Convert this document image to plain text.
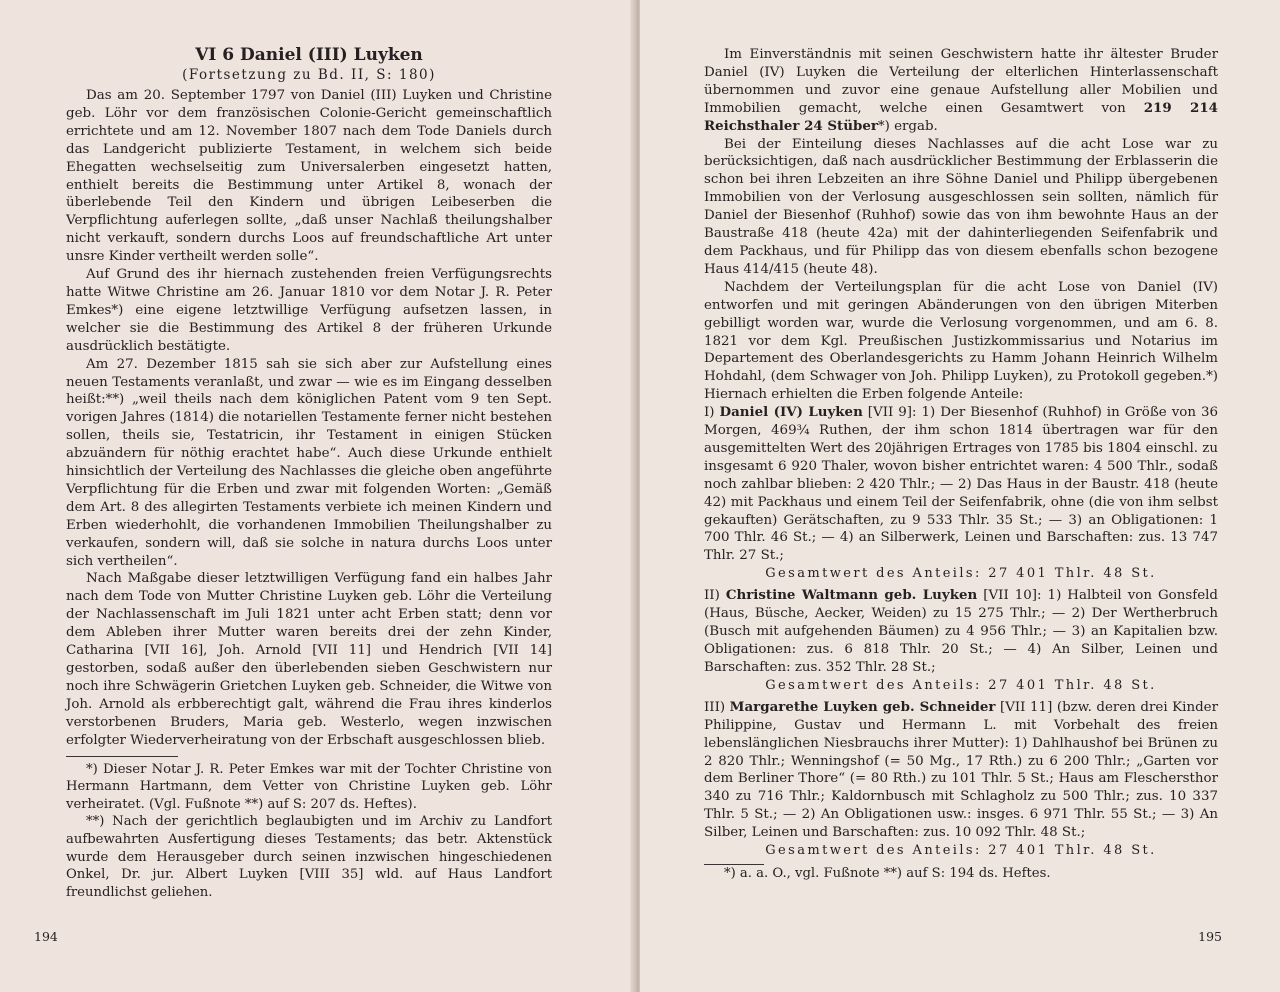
VI 6 Daniel (III) Luyken
(Fortsetzung zu Bd. II, S: 180)

Das am 20. September 1797 von Daniel (III) Luyken und Christine geb. Löhr vor dem französischen Colonie-Gericht gemeinschaftlich errichtete und am 12. November 1807 nach dem Tode Daniels durch das Landgericht publizierte Testament, in welchem sich beide Ehegatten wechselseitig zum Universalerben eingesetzt hatten, enthielt bereits die Bestimmung unter Artikel 8, wonach der überlebende Teil den Kindern und übrigen Leibeserben die Verpflichtung auferlegen sollte, „daß unser Nachlaß theilungshalber nicht verkauft, sondern durchs Loos auf freundschaftliche Art unter unsre Kinder vertheilt werden solle“.

Auf Grund des ihr hiernach zustehenden freien Verfügungsrechts hatte Witwe Christine am 26. Januar 1810 vor dem Notar J. R. Peter Emkes*) eine eigene letztwillige Verfügung aufsetzen lassen, in welcher sie die Bestimmung des Artikel 8 der früheren Urkunde ausdrücklich bestätigte.

Am 27. Dezember 1815 sah sie sich aber zur Aufstellung eines neuen Testaments veranlaßt, und zwar — wie es im Eingang desselben heißt:**) „weil theils nach dem königlichen Patent vom 9 ten Sept. vorigen Jahres (1814) die notariellen Testamente ferner nicht bestehen sollen, theils sie, Testatricin, ihr Testament in einigen Stücken abzuändern für nöthig erachtet habe“. Auch diese Urkunde enthielt hinsichtlich der Verteilung des Nachlasses die gleiche oben angeführte Verpflichtung für die Erben und zwar mit folgenden Worten: „Gemäß dem Art. 8 des allegirten Testaments verbiete ich meinen Kindern und Erben wiederhohlt, die vorhandenen Immobilien Theilungshalber zu verkaufen, sondern will, daß sie solche in natura durchs Loos unter sich vertheilen“.

Nach Maßgabe dieser letztwilligen Verfügung fand ein halbes Jahr nach dem Tode von Mutter Christine Luyken geb. Löhr die Verteilung der Nachlassenschaft im Juli 1821 unter acht Erben statt; denn vor dem Ableben ihrer Mutter waren bereits drei der zehn Kinder, Catharina [VII 16], Joh. Arnold [VII 11] und Hendrich [VII 14] gestorben, sodaß außer den überlebenden sieben Geschwistern nur noch ihre Schwägerin Grietchen Luyken geb. Schneider, die Witwe von Joh. Arnold als erbberechtigt galt, während die Frau ihres kinderlos verstorbenen Bruders, Maria geb. Westerlo, wegen inzwischen erfolgter Wiederverheiratung von der Erbschaft ausgeschlossen blieb.

*) Dieser Notar J. R. Peter Emkes war mit der Tochter Christine von Hermann Hartmann, dem Vetter von Christine Luyken geb. Löhr verheiratet. (Vgl. Fußnote **) auf S: 207 ds. Heftes).

**) Nach der gerichtlich beglaubigten und im Archiv zu Landfort aufbewahrten Ausfertigung dieses Testaments; das betr. Aktenstück wurde dem Herausgeber durch seinen inzwischen hingeschiedenen Onkel, Dr. jur. Albert Luyken [VIII 35] wld. auf Haus Landfort freundlichst geliehen.

194

Im Einverständnis mit seinen Geschwistern hatte ihr ältester Bruder Daniel (IV) Luyken die Verteilung der elterlichen Hinterlassenschaft übernommen und zuvor eine genaue Aufstellung aller Mobilien und Immobilien gemacht, welche einen Gesamtwert von 219 214 Reichsthaler 24 Stüber*) ergab.

Bei der Einteilung dieses Nachlasses auf die acht Lose war zu berücksichtigen, daß nach ausdrücklicher Bestimmung der Erblasserin die schon bei ihren Lebzeiten an ihre Söhne Daniel und Philipp übergebenen Immobilien von der Verlosung ausgeschlossen sein sollten, nämlich für Daniel der Biesenhof (Ruhhof) sowie das von ihm bewohnte Haus an der Baustraße 418 (heute 42a) mit der dahinterliegenden Seifenfabrik und dem Packhaus, und für Philipp das von diesem ebenfalls schon bezogene Haus 414/415 (heute 48).

Nachdem der Verteilungsplan für die acht Lose von Daniel (IV) entworfen und mit geringen Abänderungen von den übrigen Miterben gebilligt worden war, wurde die Verlosung vorgenommen, und am 6. 8. 1821 vor dem Kgl. Preußischen Justizkommissarius und Notarius im Departement des Oberlandesgerichts zu Hamm Johann Heinrich Wilhelm Hohdahl, (dem Schwager von Joh. Philipp Luyken), zu Protokoll gegeben.*) Hiernach erhielten die Erben folgende Anteile:

I) Daniel (IV) Luyken [VII 9]: 1) Der Biesenhof (Ruhhof) in Größe von 36 Morgen, 469¾ Ruthen, der ihm schon 1814 übertragen war für den ausgemittelten Wert des 20jährigen Ertrages von 1785 bis 1804 einschl. zu insgesamt 6 920 Thaler, wovon bisher entrichtet waren: 4 500 Thlr., sodaß noch zahlbar blieben: 2 420 Thlr.; — 2) Das Haus in der Baustr. 418 (heute 42) mit Packhaus und einem Teil der Seifenfabrik, ohne (die von ihm selbst gekauften) Gerätschaften, zu 9 533 Thlr. 35 St.; — 3) an Obligationen: 1 700 Thlr. 46 St.; — 4) an Silberwerk, Leinen und Barschaften: zus. 13 747 Thlr. 27 St.;

Gesamtwert des Anteils: 27 401 Thlr. 48 St.

II) Christine Waltmann geb. Luyken [VII 10]: 1) Halbteil von Gonsfeld (Haus, Büsche, Aecker, Weiden) zu 15 275 Thlr.; — 2) Der Wertherbruch (Busch mit aufgehenden Bäumen) zu 4 956 Thlr.; — 3) an Kapitalien bzw. Obligationen: zus. 6 818 Thlr. 20 St.; — 4) An Silber, Leinen und Barschaften: zus. 352 Thlr. 28 St.;

Gesamtwert des Anteils: 27 401 Thlr. 48 St.

III) Margarethe Luyken geb. Schneider [VII 11] (bzw. deren drei Kinder Philippine, Gustav und Hermann L. mit Vorbehalt des freien lebenslänglichen Niesbrauchs ihrer Mutter): 1) Dahlhaushof bei Brünen zu 2 820 Thlr.; Wenningshof (= 50 Mg., 17 Rth.) zu 6 200 Thlr.; „Garten vor dem Berliner Thore“ (= 80 Rth.) zu 101 Thlr. 5 St.; Haus am Fleschersthor 340 zu 716 Thlr.; Kaldornbusch mit Schlagholz zu 500 Thlr.; zus. 10 337 Thlr. 5 St.; — 2) An Obligationen usw.: insges. 6 971 Thlr. 55 St.; — 3) An Silber, Leinen und Barschaften: zus. 10 092 Thlr. 48 St.;

Gesamtwert des Anteils: 27 401 Thlr. 48 St.

*) a. a. O., vgl. Fußnote **) auf S: 194 ds. Heftes.

195
